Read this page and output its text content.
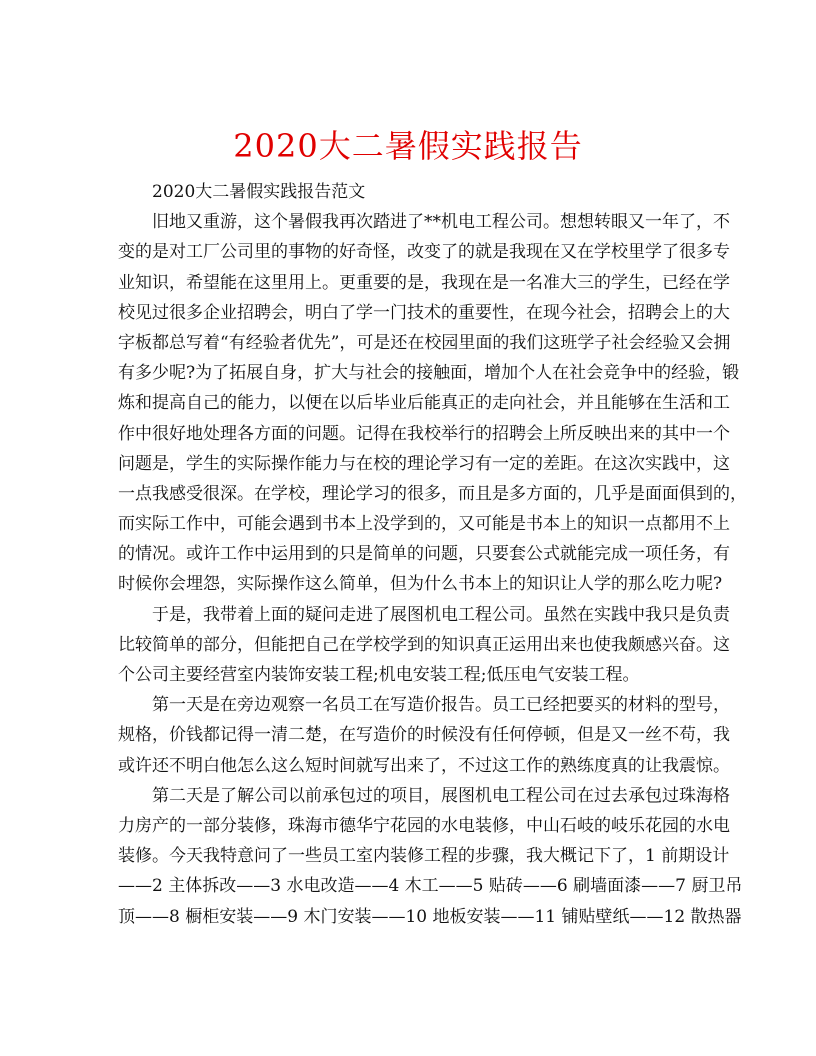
2020大二暑假实践报告
2020大二暑假实践报告范文
旧地又重游，这个暑假我再次踏进了**机电工程公司。想想转眼又一年了，不
变的是对工厂公司里的事物的好奇怪，改变了的就是我现在又在学校里学了很多专
业知识，希望能在这里用上。更重要的是，我现在是一名准大三的学生，已经在学
校见过很多企业招聘会，明白了学一门技术的重要性，在现今社会，招聘会上的大
字板都总写着“有经验者优先”，可是还在校园里面的我们这班学子社会经验又会拥
有多少呢?为了拓展自身，扩大与社会的接触面，增加个人在社会竞争中的经验，锻
炼和提高自己的能力，以便在以后毕业后能真正的走向社会，并且能够在生活和工
作中很好地处理各方面的问题。记得在我校举行的招聘会上所反映出来的其中一个
问题是，学生的实际操作能力与在校的理论学习有一定的差距。在这次实践中，这
一点我感受很深。在学校，理论学习的很多，而且是多方面的，几乎是面面俱到的，
而实际工作中，可能会遇到书本上没学到的，又可能是书本上的知识一点都用不上
的情况。或许工作中运用到的只是简单的问题，只要套公式就能完成一项任务，有
时候你会埋怨，实际操作这么简单，但为什么书本上的知识让人学的那么吃力呢?
于是，我带着上面的疑问走进了展图机电工程公司。虽然在实践中我只是负责
比较简单的部分，但能把自己在学校学到的知识真正运用出来也使我颇感兴奋。这
个公司主要经营室内装饰安装工程;机电安装工程;低压电气安装工程。
第一天是在旁边观察一名员工在写造价报告。员工已经把要买的材料的型号，
规格，价钱都记得一清二楚，在写造价的时候没有任何停顿，但是又一丝不苟，我
或许还不明白他怎么这么短时间就写出来了，不过这工作的熟练度真的让我震惊。
第二天是了解公司以前承包过的项目，展图机电工程公司在过去承包过珠海格
力房产的一部分装修，珠海市德华宁花园的水电装修，中山石岐的岐乐花园的水电
装修。今天我特意问了一些员工室内装修工程的步骤，我大概记下了，1 前期设计
——2 主体拆改——3 水电改造——4 木工——5 贴砖——6 刷墙面漆——7 厨卫吊
顶——8 橱柜安装——9 木门安装——10 地板安装——11 铺贴壁纸——12 散热器
